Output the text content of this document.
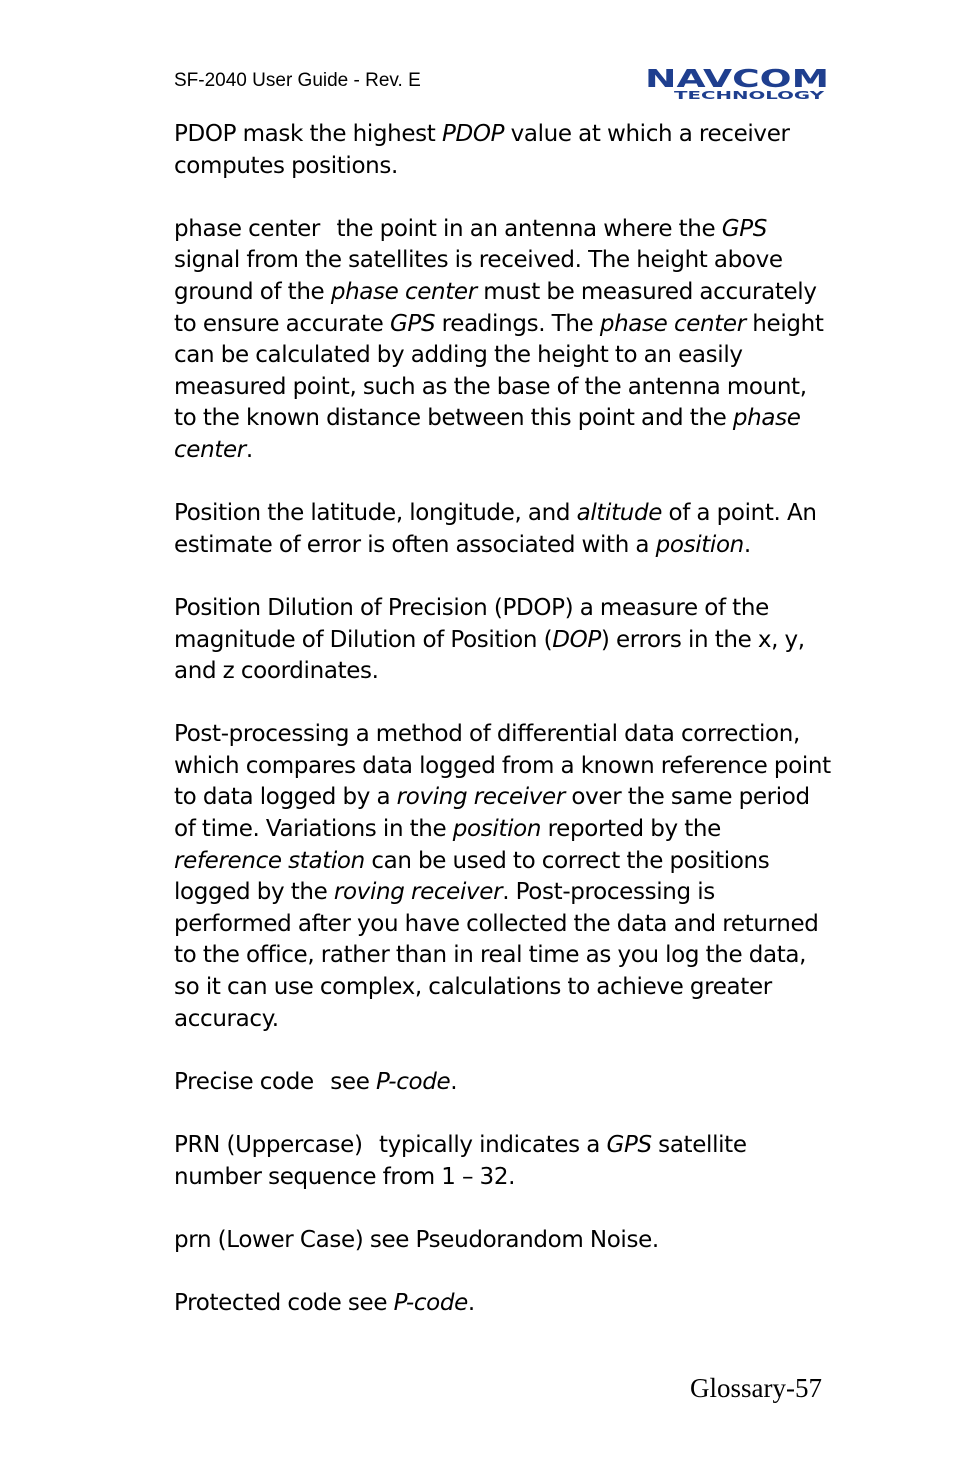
SF-2040 User Guide - Rev. E	NAVCOM
TECHNOLOGY

PDOP mask the highest PDOP value at which a receiver computes positions.

phase center the point in an antenna where the GPS signal from the satellites is received. The height above ground of the phase center must be measured accurately to ensure accurate GPS readings. The phase center height can be calculated by adding the height to an easily measured point, such as the base of the antenna mount, to the known distance between this point and the phase center.

Position the latitude, longitude, and altitude of a point. An estimate of error is often associated with a position.

Position Dilution of Precision (PDOP) a measure of the magnitude of Dilution of Position (DOP) errors in the x, y, and z coordinates.

Post-processing a method of differential data correction, which compares data logged from a known reference point to data logged by a roving receiver over the same period of time. Variations in the position reported by the reference station can be used to correct the positions logged by the roving receiver. Post-processing is performed after you have collected the data and returned to the office, rather than in real time as you log the data, so it can use complex, calculations to achieve greater accuracy.

Precise code see P-code.

PRN (Uppercase) typically indicates a GPS satellite number sequence from 1 – 32.

prn (Lower Case) see Pseudorandom Noise.

Protected code see P-code.

Glossary-57
